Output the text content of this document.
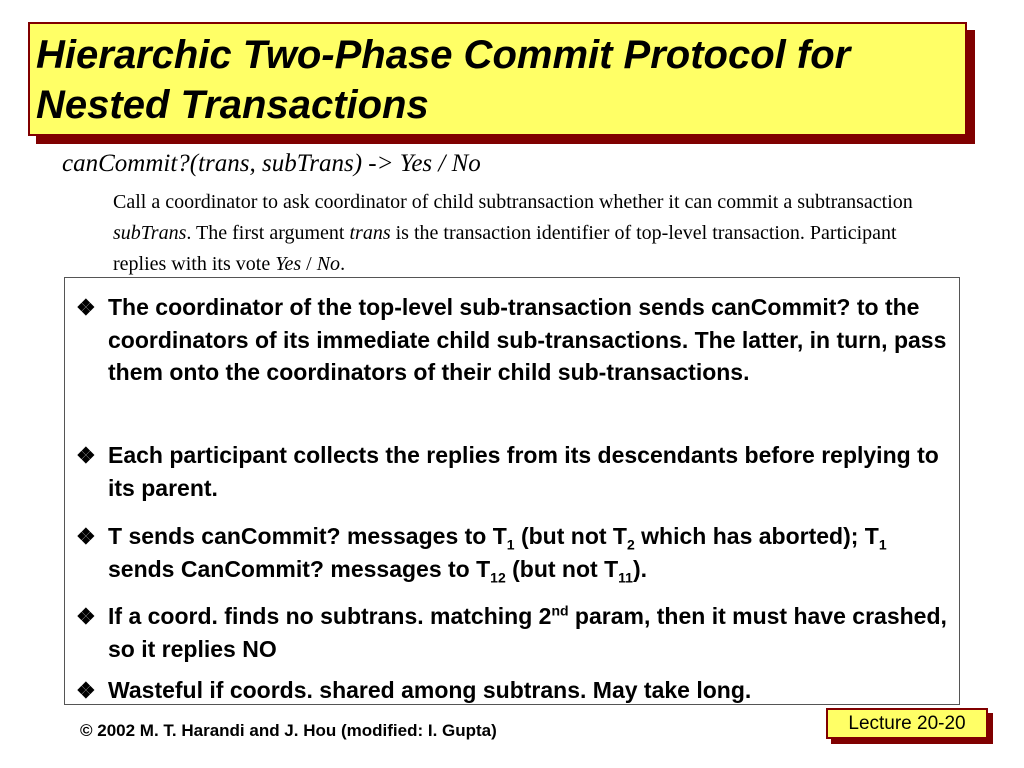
Hierarchic Two-Phase Commit Protocol for
Nested Transactions

canCommit?(trans, subTrans) -> Yes / No

Call a coordinator to ask coordinator of child subtransaction whether it can commit a subtransaction subTrans. The first argument trans is the transaction identifier of top-level transaction. Participant replies with its vote Yes / No.

❖ The coordinator of the top-level sub-transaction sends canCommit? to the coordinators of its immediate child sub-transactions. The latter, in turn, pass them onto the coordinators of their child sub-transactions.

❖ Each participant collects the replies from its descendants before replying to its parent.

❖ T sends canCommit? messages to $T_1$ (but not $T_2$ which has aborted); $T_1$ sends CanCommit? messages to $T_{12}$ (but not $T_{11}$).

❖ If a coord. finds no subtrans. matching 2nd param, then it must have crashed, so it replies NO

❖ Wasteful if coords. shared among subtrans. May take long.

© 2002 M. T. Harandi and J. Hou (modified: I. Gupta)	Lecture 20-20
